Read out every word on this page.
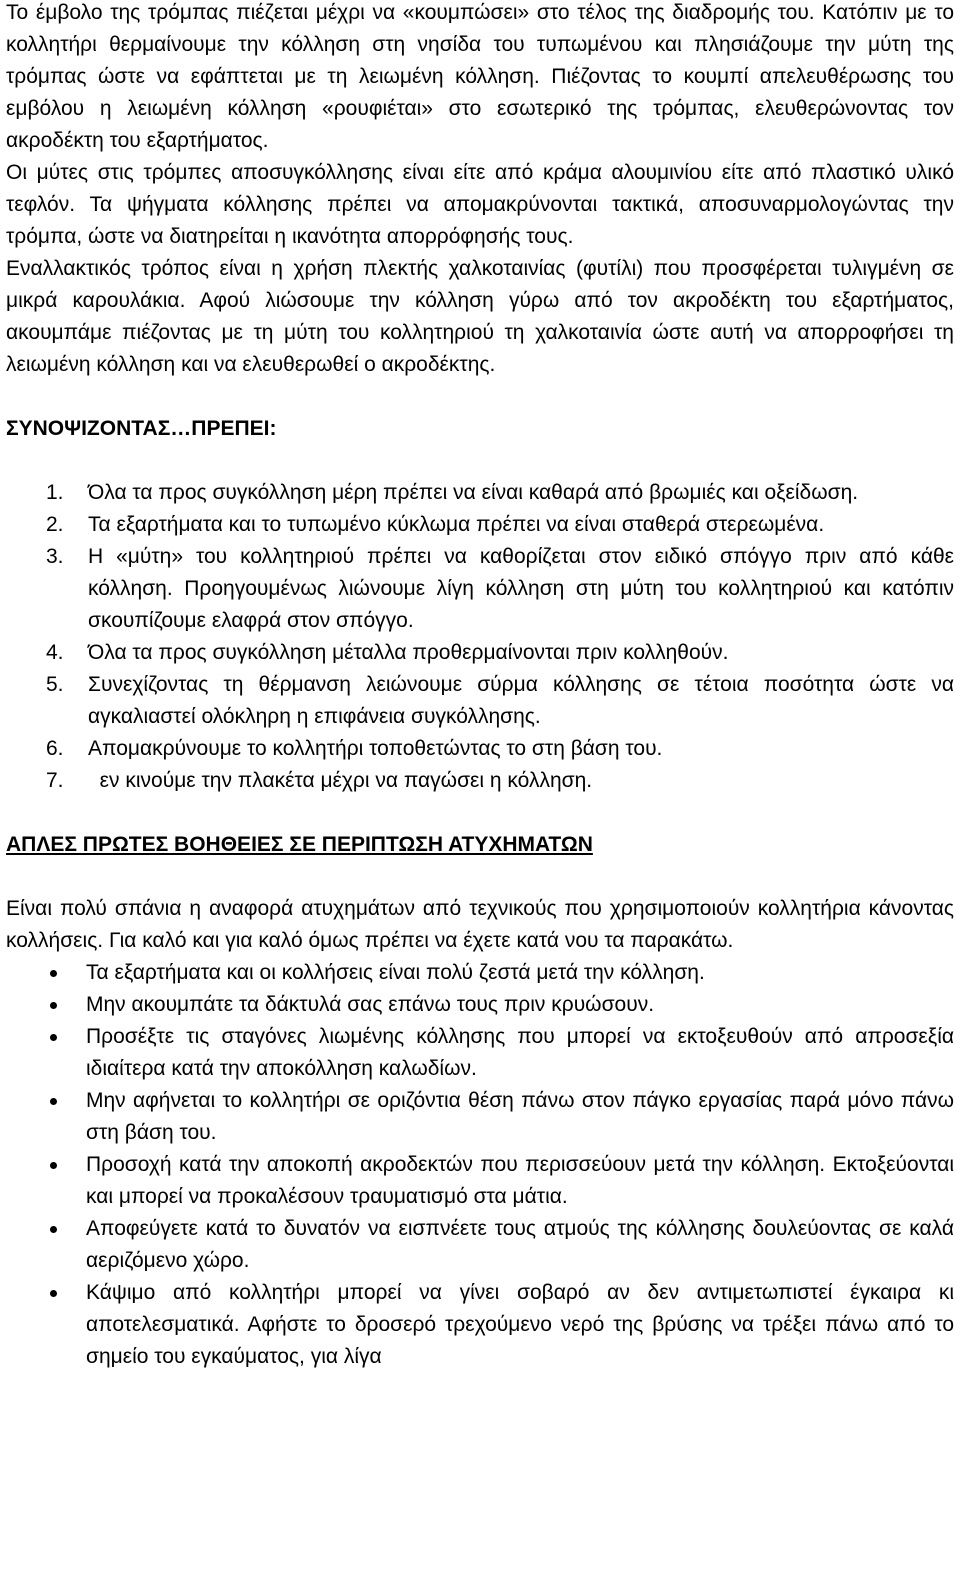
Το έμβολο της τρόμπας πιέζεται μέχρι να «κουμπώσει» στο τέλος της διαδρομής του. Κατόπιν με το κολλητήρι θερμαίνουμε την κόλληση στη νησίδα του τυπωμένου και πλησιάζουμε την μύτη της τρόμπας ώστε να εφάπτεται με τη λειωμένη κόλληση. Πιέζοντας το κουμπί απελευθέρωσης του εμβόλου η λειωμένη κόλληση «ρουφιέται» στο εσωτερικό της τρόμπας, ελευθερώνοντας τον ακροδέκτη του εξαρτήματος.

Οι μύτες στις τρόμπες αποσυγκόλλησης είναι είτε από κράμα αλουμινίου είτε από πλαστικό υλικό τεφλόν. Τα ψήγματα κόλλησης πρέπει να απομακρύνονται τακτικά, αποσυναρμολογώντας την τρόμπα, ώστε να διατηρείται η ικανότητα απορρόφησής τους.

Εναλλακτικός τρόπος είναι η χρήση πλεκτής χαλκοταινίας (φυτίλι) που προσφέρεται τυλιγμένη σε μικρά καρουλάκια. Αφού λιώσουμε την κόλληση γύρω από τον ακροδέκτη του εξαρτήματος, ακουμπάμε πιέζοντας με τη μύτη του κολλητηριού τη χαλκοταινία ώστε αυτή να απορροφήσει τη λειωμένη κόλληση και να ελευθερωθεί ο ακροδέκτης.

ΣΥΝΟΨΙΖΟΝΤΑΣ…ΠΡΕΠΕΙ:

1.	Όλα τα προς συγκόλληση μέρη πρέπει να είναι καθαρά από βρωμιές και οξείδωση.
2.	Τα εξαρτήματα και το τυπωμένο κύκλωμα πρέπει να είναι σταθερά στερεωμένα.
3.	Η «μύτη» του κολλητηριού πρέπει να καθορίζεται στον ειδικό σπόγγο πριν από κάθε κόλληση. Προηγουμένως λιώνουμε λίγη κόλληση στη μύτη του κολλητηριού και κατόπιν σκουπίζουμε ελαφρά στον σπόγγο.
4.	Όλα τα προς συγκόλληση μέταλλα προθερμαίνονται πριν κολληθούν.
5.	Συνεχίζοντας τη θέρμανση λειώνουμε σύρμα κόλλησης σε τέτοια ποσότητα ώστε να αγκαλιαστεί ολόκληρη η επιφάνεια συγκόλλησης.
6.	Απομακρύνουμε το κολλητήρι τοποθετώντας το στη βάση του.
7.	εν κινούμε την πλακέτα μέχρι να παγώσει η κόλληση.

ΑΠΛΕΣ ΠΡΩΤΕΣ ΒΟΗΘΕΙΕΣ ΣΕ ΠΕΡΙΠΤΩΣΗ ΑΤΥΧΗΜΑΤΩΝ

Είναι πολύ σπάνια η αναφορά ατυχημάτων από τεχνικούς που χρησιμοποιούν κολλητήρια κάνοντας κολλήσεις. Για καλό και για καλό όμως πρέπει να έχετε κατά νου τα παρακάτω.

Τα εξαρτήματα και οι κολλήσεις είναι πολύ ζεστά μετά την κόλληση.
Μην ακουμπάτε τα δάκτυλά σας επάνω τους πριν κρυώσουν.
Προσέξτε τις σταγόνες λιωμένης κόλλησης που μπορεί να εκτοξευθούν από απροσεξία ιδιαίτερα κατά την αποκόλληση καλωδίων.
Μην αφήνεται το κολλητήρι σε οριζόντια θέση πάνω στον πάγκο εργασίας παρά μόνο πάνω στη βάση του.
Προσοχή κατά την αποκοπή ακροδεκτών που περισσεύουν μετά την κόλληση. Εκτοξεύονται και μπορεί να προκαλέσουν τραυματισμό στα μάτια.
Αποφεύγετε κατά το δυνατόν να εισπνέετε τους ατμούς της κόλλησης δουλεύοντας σε καλά αεριζόμενο χώρο.
Κάψιμο από κολλητήρι μπορεί να γίνει σοβαρό αν δεν αντιμετωπιστεί έγκαιρα κι αποτελεσματικά. Αφήστε το δροσερό τρεχούμενο νερό της βρύσης να τρέξει πάνω από το σημείο του εγκαύματος, για λίγα
